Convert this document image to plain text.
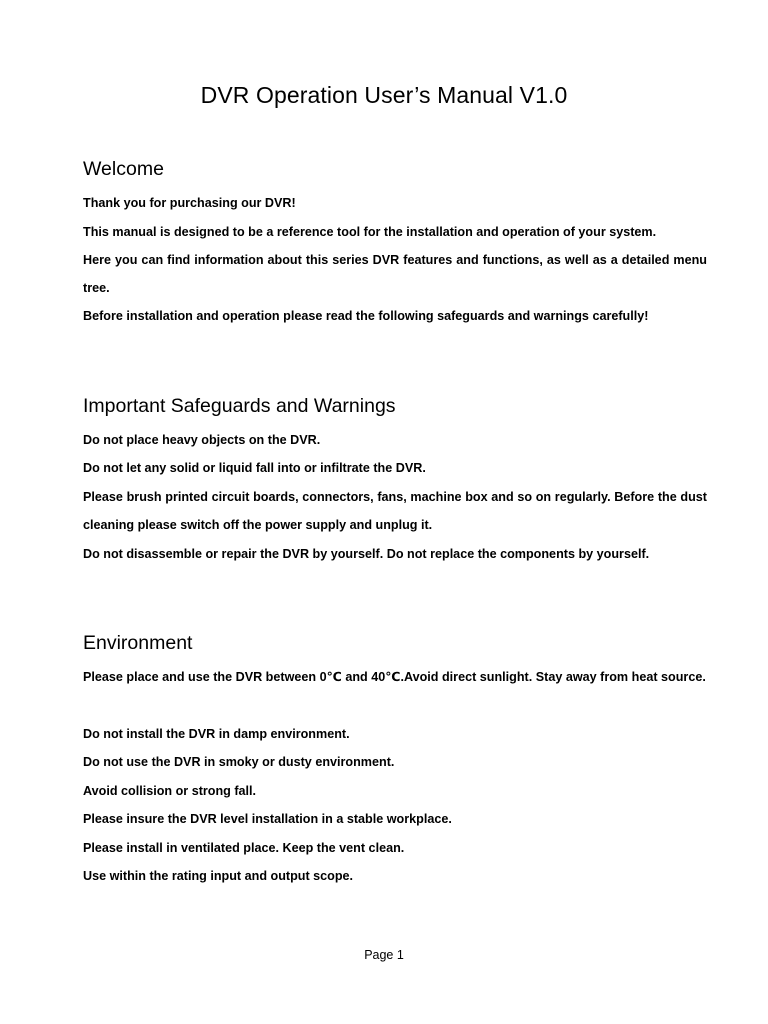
DVR Operation User’s Manual V1.0
Welcome

Thank you for purchasing our DVR!

This manual is designed to be a reference tool for the installation and operation of your system.

Here you can find information about this series DVR features and functions, as well as a detailed menu tree.

Before installation and operation please read the following safeguards and warnings carefully!

Important Safeguards and Warnings

Do not place heavy objects on the DVR.

Do not let any solid or liquid fall into or infiltrate the DVR.

Please brush printed circuit boards, connectors, fans, machine box and so on regularly. Before the dust cleaning please switch off the power supply and unplug it.

Do not disassemble or repair the DVR by yourself. Do not replace the components by yourself.

Environment

Please place and use the DVR between 0℃ and 40℃.Avoid direct sunlight. Stay away from heat source.

Do not install the DVR in damp environment.

Do not use the DVR in smoky or dusty environment.

Avoid collision or strong fall.

Please insure the DVR level installation in a stable workplace.

Please install in ventilated place. Keep the vent clean.

Use within the rating input and output scope.

Page 1
